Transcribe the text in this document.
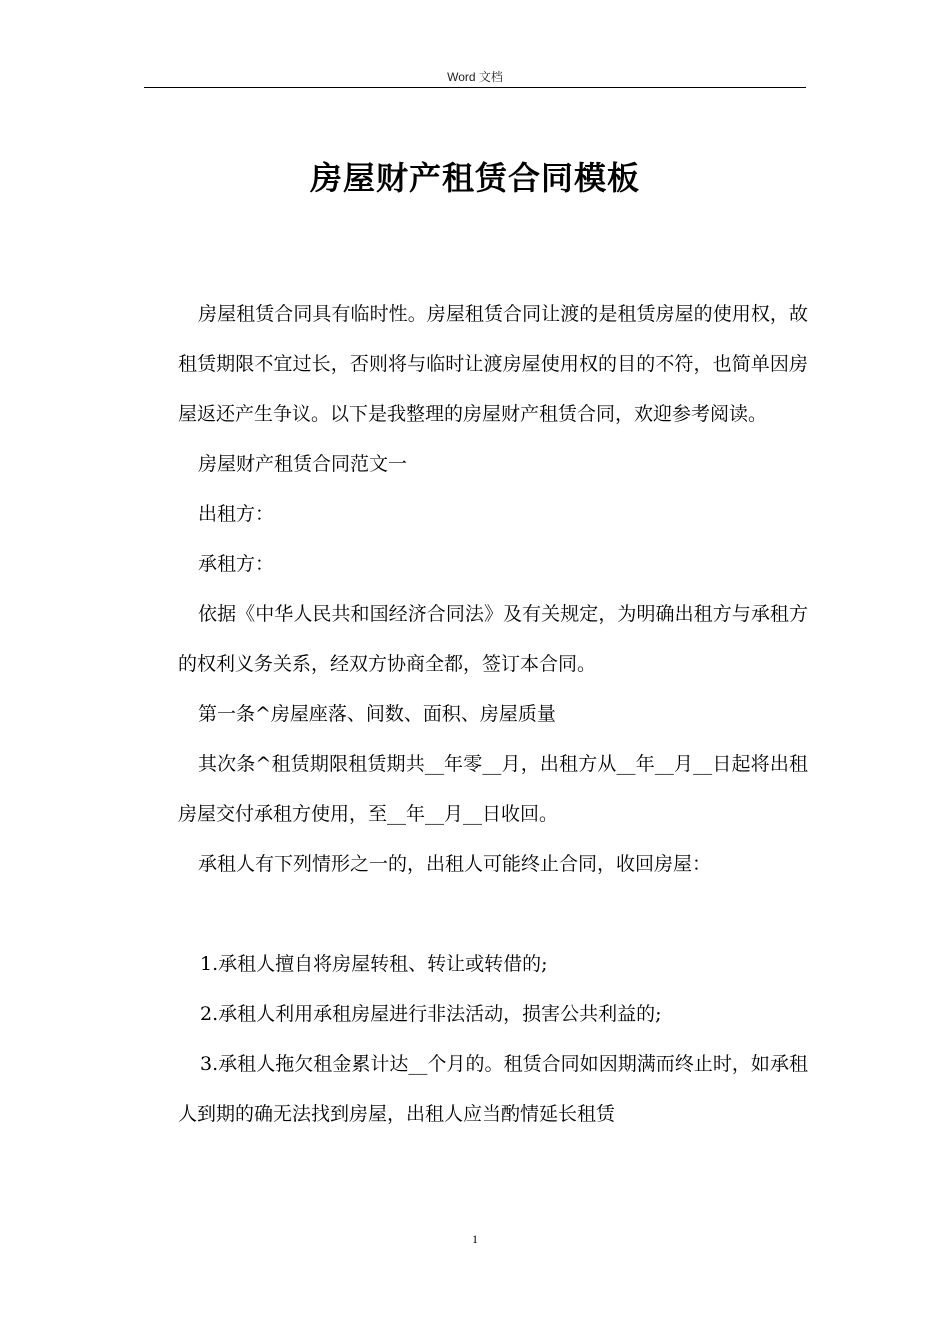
Word 文档

房屋财产租赁合同模板

房屋租赁合同具有临时性。房屋租赁合同让渡的是租赁房屋的使用权，故租赁期限不宜过长，否则将与临时让渡房屋使用权的目的不符，也简单因房屋返还产生争议。以下是我整理的房屋财产租赁合同，欢迎参考阅读。

房屋财产租赁合同范文一

出租方：

承租方：

依据《中华人民共和国经济合同法》及有关规定，为明确出租方与承租方的权利义务关系，经双方协商全都，签订本合同。

第一条^房屋座落、间数、面积、房屋质量

其次条^租赁期限租赁期共__年零__月，出租方从__年__月__日起将出租房屋交付承租方使用，至__年__月__日收回。

承租人有下列情形之一的，出租人可能终止合同，收回房屋：

1.承租人擅自将房屋转租、转让或转借的;

2.承租人利用承租房屋进行非法活动，损害公共利益的;

3.承租人拖欠租金累计达__个月的。租赁合同如因期满而终止时，如承租人到期的确无法找到房屋，出租人应当酌情延长租赁

1
